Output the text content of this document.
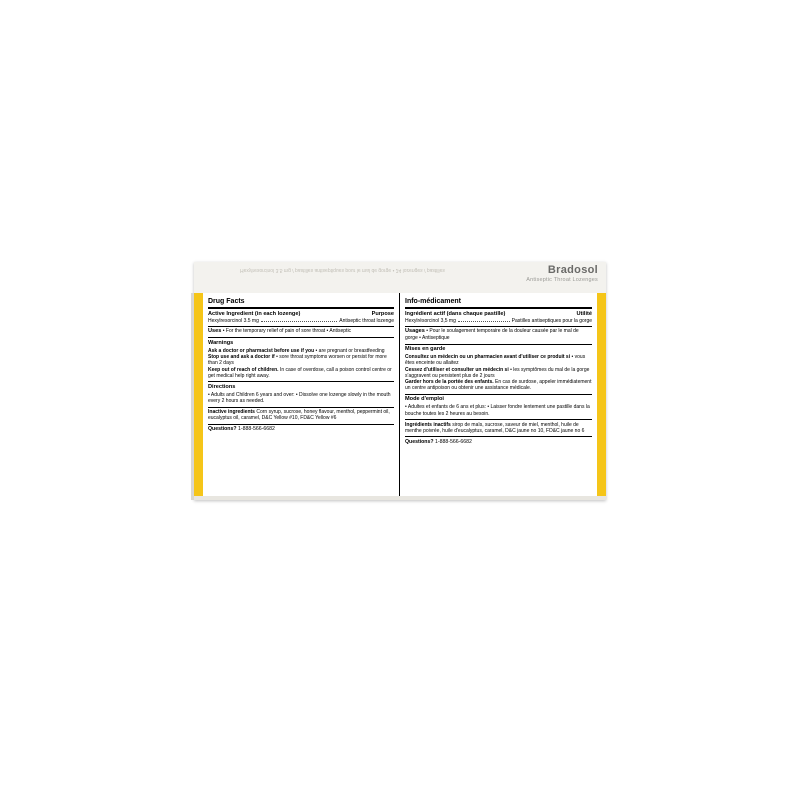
Hexylresorcinol 3.5 mg / pastilles antiseptiques pour le mal de gorge • 24 lozenges / pastilles	Bradosol
Antiseptic Throat Lozenges
Drug Facts
Active Ingredient (in each lozenge)	Purpose
Hexylresorcinol 3.5 mg	Antiseptic throat lozenge
Uses • For the temporary relief of pain of sore throat • Antiseptic
Warnings
Ask a doctor or pharmacist before use if you • are pregnant or breastfeeding
Stop use and ask a doctor if • sore throat symptoms worsen or persist for more than 2 days
Keep out of reach of children. In case of overdose, call a poison control centre or get medical help right away.
Directions
• Adults and Children 6 years and over: • Dissolve one lozenge slowly in the mouth every 2 hours as needed.
Inactive ingredients Corn syrup, sucrose, honey flavour, menthol, peppermint oil, eucalyptus oil, caramel, D&C Yellow #10, FD&C Yellow #6
Questions? 1-888-566-6682
Info-médicament
Ingrédient actif (dans chaque pastille)	Utilité
Hexylrésorcinol 3,5 mg	Pastilles antiseptiques pour la gorge
Usages • Pour le soulagement temporaire de la douleur causée par le mal de gorge • Antiseptique
Mises en garde
Consultez un médecin ou un pharmacien avant d'utiliser ce produit si • vous êtes enceinte ou allaitez
Cessez d'utiliser et consulter un médecin si • les symptômes du mal de la gorge s'aggravent ou persistent plus de 2 jours
Garder hors de la portée des enfants. En cas de surdose, appeler immédiatement un centre antipoison ou obtenir une assistance médicale.
Mode d'emploi
• Adultes et enfants de 6 ans et plus: • Laisser fondre lentement une pastille dans la bouche toutes les 2 heures au besoin.
Ingrédients inactifs sirop de maïs, sucrose, saveur de miel, menthol, huile de menthe poivrée, huile d'eucalyptus, caramel, D&C jaune no 10, FD&C jaune no 6
Questions? 1-888-566-6682
